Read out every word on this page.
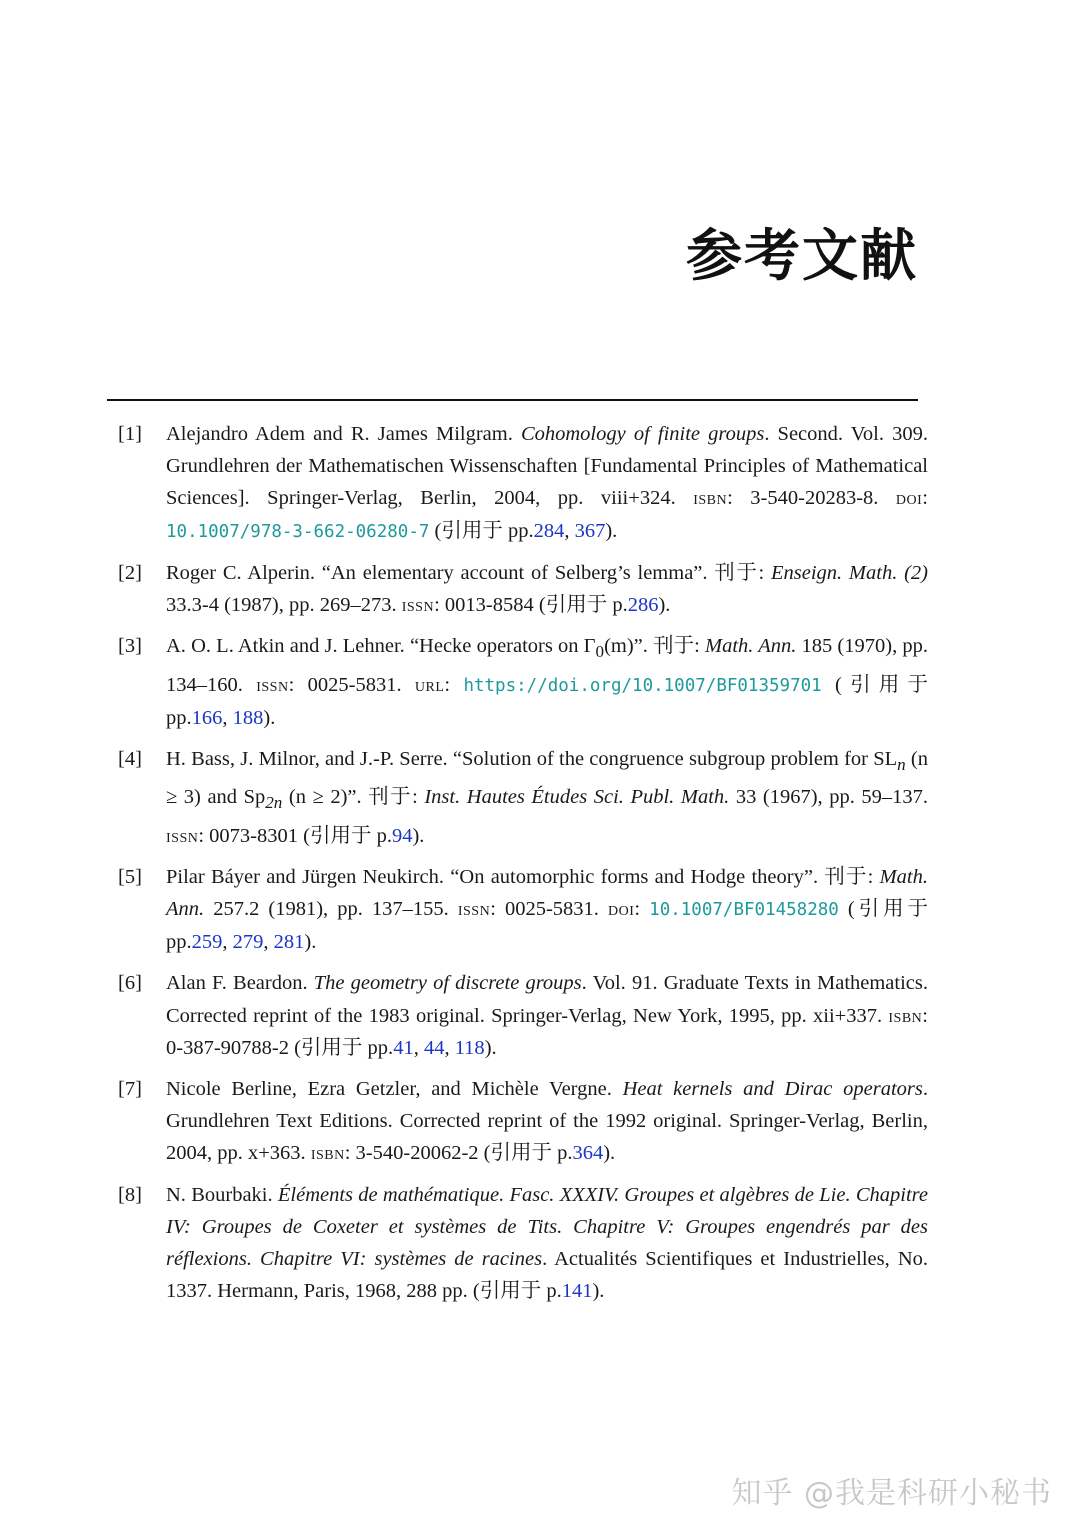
参考文献
[1]	Alejandro Adem and R. James Milgram. Cohomology of finite groups. Second. Vol. 309. Grundlehren der Mathematischen Wissenschaften [Fundamental Principles of Mathematical Sciences]. Springer-Verlag, Berlin, 2004, pp. viii+324. isbn: 3-540-20283-8. doi: 10.1007/978-3-662-06280-7 (引用于 pp.284, 367).
[2]	Roger C. Alperin. “An elementary account of Selberg’s lemma”. 刊于: Enseign. Math. (2) 33.3-4 (1987), pp. 269–273. issn: 0013-8584 (引用于 p.286).
[3]	A. O. L. Atkin and J. Lehner. “Hecke operators on $\Gamma_0(m)$”. 刊于: Math. Ann. 185 (1970), pp. 134–160. issn: 0025-5831. url: https://doi.org/10.1007/BF01359701 (引用于 pp.166, 188).
[4]	H. Bass, J. Milnor, and J.-P. Serre. “Solution of the congruence subgroup problem for $SL_n$ (n ≥ 3) and $Sp_{2n}$ (n ≥ 2)”. 刊于: Inst. Hautes Études Sci. Publ. Math. 33 (1967), pp. 59–137. issn: 0073-8301 (引用于 p.94).
[5]	Pilar Báyer and Jürgen Neukirch. “On automorphic forms and Hodge theory”. 刊于: Math. Ann. 257.2 (1981), pp. 137–155. issn: 0025-5831. doi: 10.1007/BF01458280 (引用于 pp.259, 279, 281).
[6]	Alan F. Beardon. The geometry of discrete groups. Vol. 91. Graduate Texts in Mathematics. Corrected reprint of the 1983 original. Springer-Verlag, New York, 1995, pp. xii+337. isbn: 0-387-90788-2 (引用于 pp.41, 44, 118).
[7]	Nicole Berline, Ezra Getzler, and Michèle Vergne. Heat kernels and Dirac operators. Grundlehren Text Editions. Corrected reprint of the 1992 original. Springer-Verlag, Berlin, 2004, pp. x+363. isbn: 3-540-20062-2 (引用于 p.364).
[8]	N. Bourbaki. Éléments de mathématique. Fasc. XXXIV. Groupes et algèbres de Lie. Chapitre IV: Groupes de Coxeter et systèmes de Tits. Chapitre V: Groupes engendrés par des réflexions. Chapitre VI: systèmes de racines. Actualités Scientifiques et Industrielles, No. 1337. Hermann, Paris, 1968, 288 pp. (引用于 p.141).
知乎 @我是科研小秘书
